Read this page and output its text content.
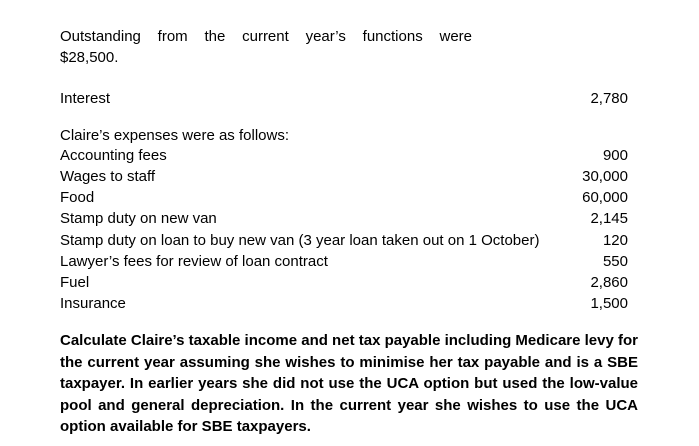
Outstanding from the current year’s functions were
$28,500.
Interest	2,780
Claire’s expenses were as follows:
Accounting fees	900
Wages to staff	30,000
Food	60,000
Stamp duty on new van	2,145
Stamp duty on loan to buy new van (3 year loan taken out on 1 October)	120
Lawyer’s fees for review of loan contract	550
Fuel	2,860
Insurance	1,500
Calculate Claire’s taxable income and net tax payable including Medicare levy for the current year assuming she wishes to minimise her tax payable and is a SBE taxpayer. In earlier years she did not use the UCA option but used the low-value pool and general depreciation. In the current year she wishes to use the UCA option available for SBE taxpayers.
